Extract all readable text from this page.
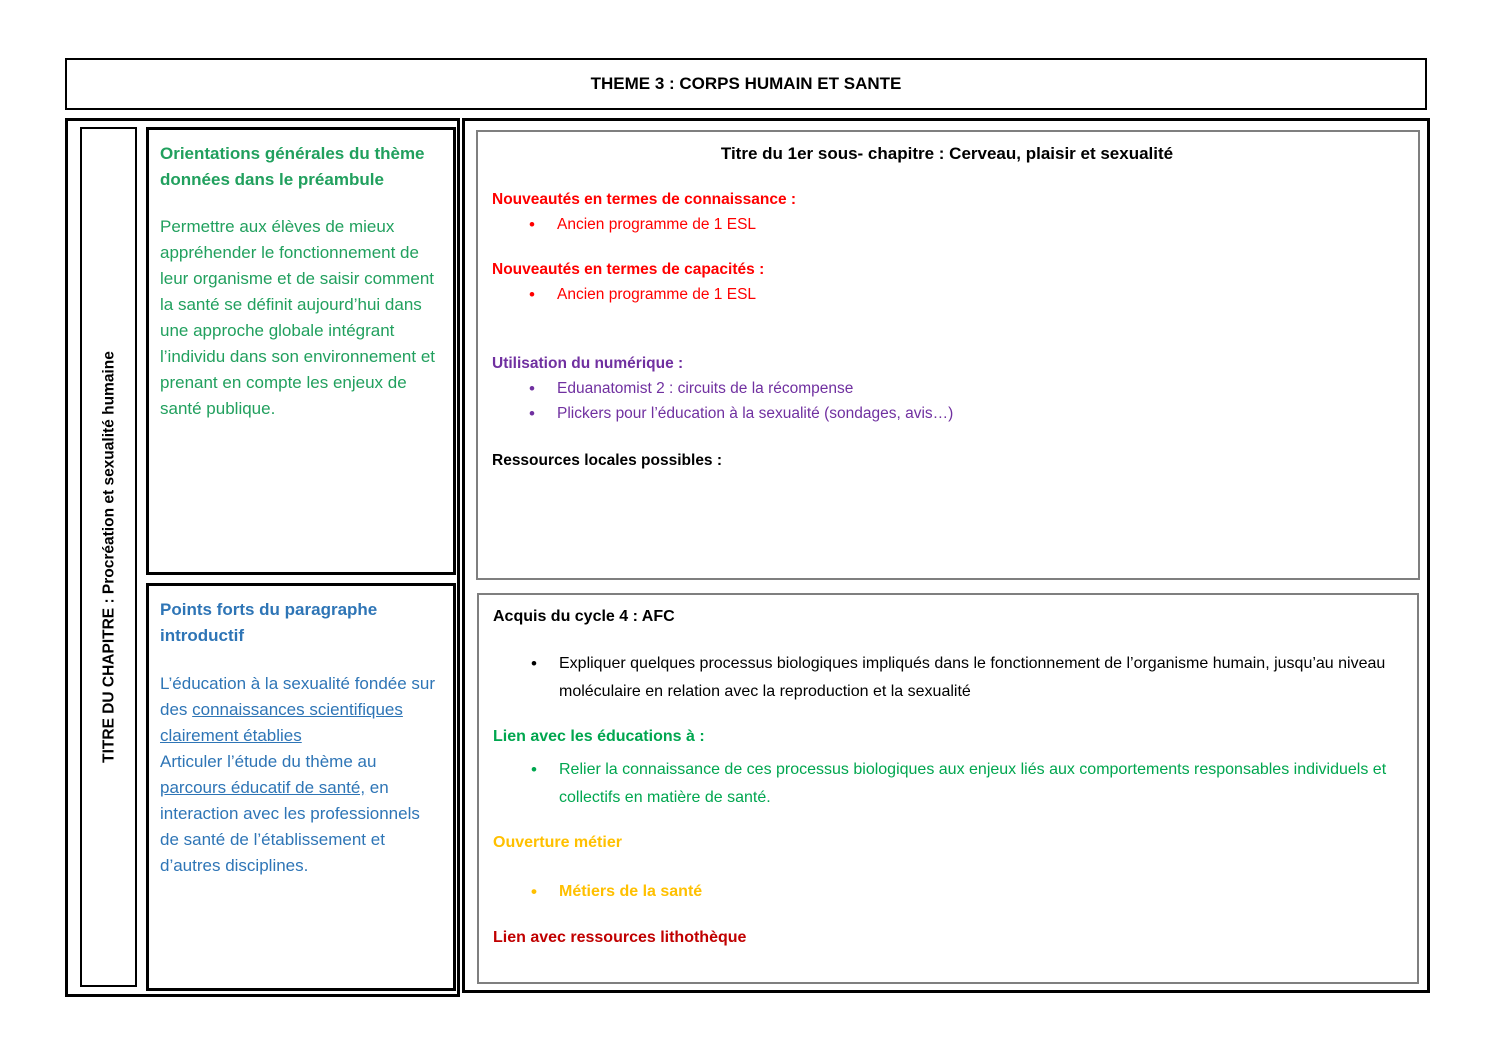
THEME 3 : CORPS HUMAIN ET SANTE
TITRE DU CHAPITRE : Procréation et sexualité humaine
Orientations générales du thème données dans le préambule
Permettre aux élèves de mieux appréhender le fonctionnement de leur organisme et de saisir comment la santé se définit aujourd’hui dans une approche globale intégrant l’individu dans son environnement et prenant en compte les enjeux de santé publique.
Points forts du paragraphe introductif
L’éducation à la sexualité fondée sur des connaissances scientifiques clairement établies
Articuler l’étude du thème au parcours éducatif de santé, en interaction avec les professionnels de santé de l’établissement et d’autres disciplines.
Titre du 1er sous- chapitre : Cerveau, plaisir et sexualité
Nouveautés en termes de connaissance :
• Ancien programme de 1 ESL
Nouveautés en termes de capacités :
• Ancien programme de 1 ESL
Utilisation du numérique :
• Eduanatomist 2 : circuits de la récompense
• Plickers pour l’éducation à la sexualité (sondages, avis…)
Ressources locales possibles :
Acquis du cycle 4 : AFC
• Expliquer quelques processus biologiques impliqués dans le fonctionnement de l’organisme humain, jusqu’au niveau moléculaire en relation avec la reproduction et la sexualité
Lien avec les éducations à :
• Relier la connaissance de ces processus biologiques aux enjeux liés aux comportements responsables individuels et collectifs en matière de santé.
Ouverture métier
• Métiers de la santé
Lien avec ressources lithothèque
